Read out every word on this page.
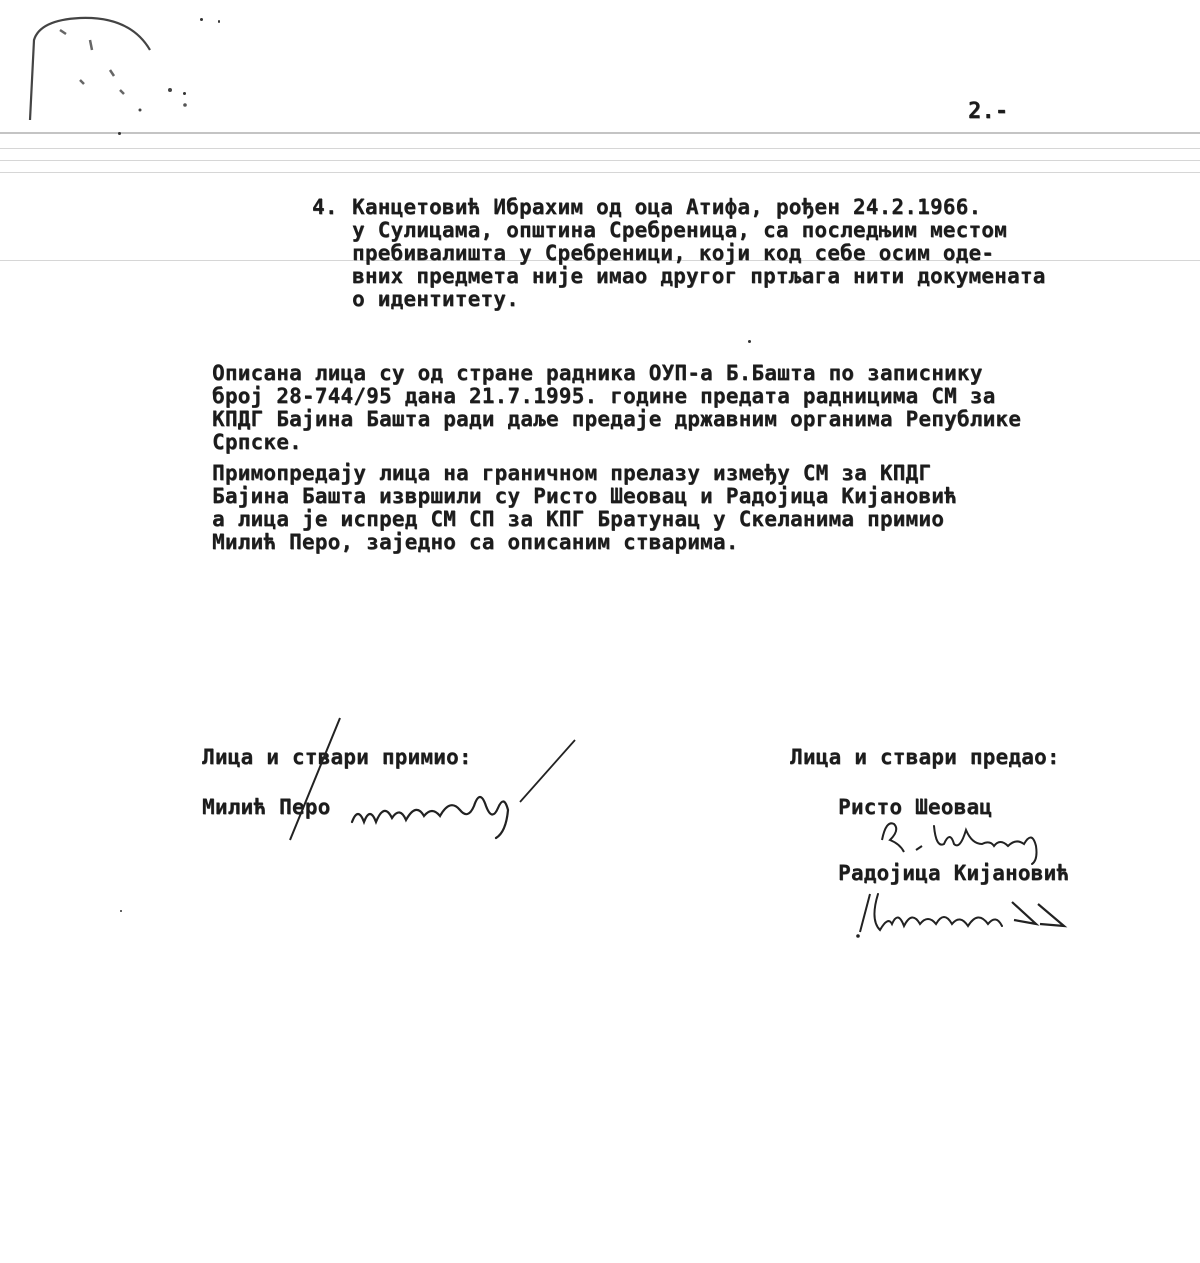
2.-
4. Канцетовић Ибрахим од оца Атифа, рођен 24.2.1966.
у Сулицама, општина Сребреница, са последњим местом
пребивалишта у Сребреници, који код себе осим оде-
вних предмета није имао другог пртљага нити докумената
о идентитету.
Описана лица су од стране радника ОУП-а Б.Башта по записнику
број 28-744/95 дана 21.7.1995. године предата радницима СМ за
КПДГ Бајина Башта ради даље предаје државним органима Републике
Српске.
Примопредају лица на граничном прелазу између СМ за КПДГ
Бајина Башта извршили су Ристо Шеовац и Радојица Кијановић
а лица је испред СМ СП за КПГ Братунац у Скеланима примио
Милић Перо, заједно са описаним стварима.
Лица и ствари примио:
Милић Перо
Лица и ствари предао:
Ристо Шеовац
Радојица Кијановић
